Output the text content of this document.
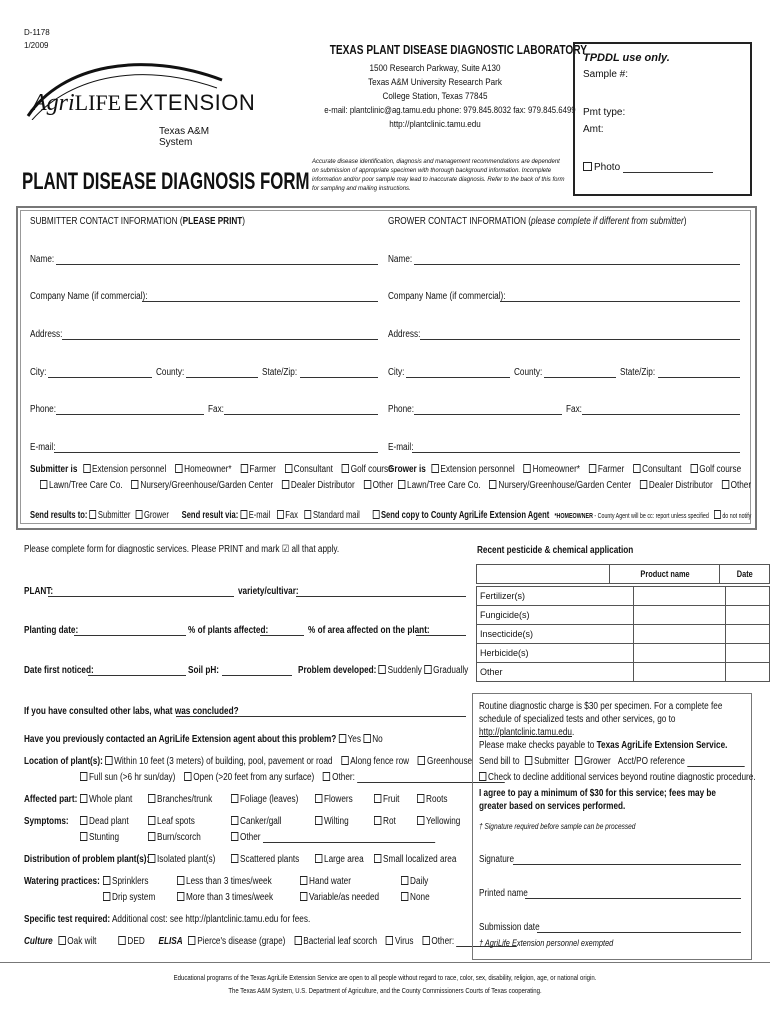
D-1178
1/2009
AgriLIFE EXTENSION
Texas A&M System
TEXAS PLANT DISEASE DIAGNOSTIC LABORATORY
1500 Research Parkway, Suite A130
Texas A&M University Research Park
College Station, Texas 77845
e-mail: plantclinic@ag.tamu.edu phone: 979.845.8032 fax: 979.845.6499
http://plantclinic.tamu.edu
Accurate disease identification, diagnosis and management recommendations are dependent on submission of appropriate specimen with thorough background information. Incomplete information and/or poor sample may lead to inaccurate diagnosis. Refer to the back of this form for sampling and mailing instructions.
TPDDL use only.
Sample #:
Pmt type:
Amt:
Photo
PLANT DISEASE DIAGNOSIS FORM
SUBMITTER CONTACT INFORMATION (PLEASE PRINT)	GROWER CONTACT INFORMATION (please complete if different from submitter)
Name:	Name:
Company Name (if commercial):	Company Name (if commercial):
Address:	Address:
City:	County:	State/Zip:	City:	County:	State/Zip:
Phone:	Fax:	Phone:	Fax:
E-mail:	E-mail:
Submitter is Extension personnel Homeowner* Farmer Consultant Golf course
Lawn/Tree Care Co. Nursery/Greenhouse/Garden Center Dealer Distributor Other
Grower is Extension personnel Homeowner* Farmer Consultant Golf course
Lawn/Tree Care Co. Nursery/Greenhouse/Garden Center Dealer Distributor Other
Send results to: Submitter Grower Send result via: E-mail Fax Standard mail Send copy to County AgriLife Extension Agent *HOMEOWNER - County Agent will be cc: report unless specified do not notify
Please complete form for diagnostic services. Please PRINT and mark ☑ all that apply.
PLANT:	variety/cultivar:
Planting date:	% of plants affected:	% of area affected on the plant:
Date first noticed:	Soil pH:	Problem developed: Suddenly Gradually
If you have consulted other labs, what was concluded?
Have you previously contacted an AgriLife Extension agent about this problem? Yes No
Location of plant(s): Within 10 feet (3 meters) of building, pool, pavement or road Along fence row Greenhouse
Full sun (>6 hr sun/day) Open (>20 feet from any surface) Other:
Affected part:	Whole plant	Branches/trunk	Foliage (leaves)	Flowers	Fruit	Roots
Symptoms:	Dead plant	Leaf spots	Canker/gall	Wilting	Rot	Yellowing
Stunting	Burn/scorch	Other
Distribution of problem plant(s): Isolated plant(s)	Scattered plants	Large area	Small localized area
Watering practices:	Sprinklers	Less than 3 times/week	Hand water	Daily
Drip system	More than 3 times/week	Variable/as needed	None
Specific test required: Additional cost: see http://plantclinic.tamu.edu for fees.
Culture Oak wilt	DED ELISA Pierce's disease (grape) Bacterial leaf scorch Virus Other:
Recent pesticide & chemical application
	Product name	Date
Fertilizer(s)		
Fungicide(s)		
Insecticide(s)		
Herbicide(s)		
Other		
Routine diagnostic charge is $30 per specimen. For a complete fee schedule of specialized tests and other services, go to http://plantclinic.tamu.edu.
Please make checks payable to Texas AgriLife Extension Service.
Send bill to Submitter Grower Acct/PO reference
Check to decline additional services beyond routine diagnostic procedure.
I agree to pay a minimum of $30 for this service; fees may be greater based on services performed.
† Signature required before sample can be processed
Signature
Printed name
Submission date
† AgriLife Extension personnel exempted
Educational programs of the Texas AgriLife Extension Service are open to all people without regard to race, color, sex, disability, religion, age, or national origin.
The Texas A&M System, U.S. Department of Agriculture, and the County Commissioners Courts of Texas cooperating.
